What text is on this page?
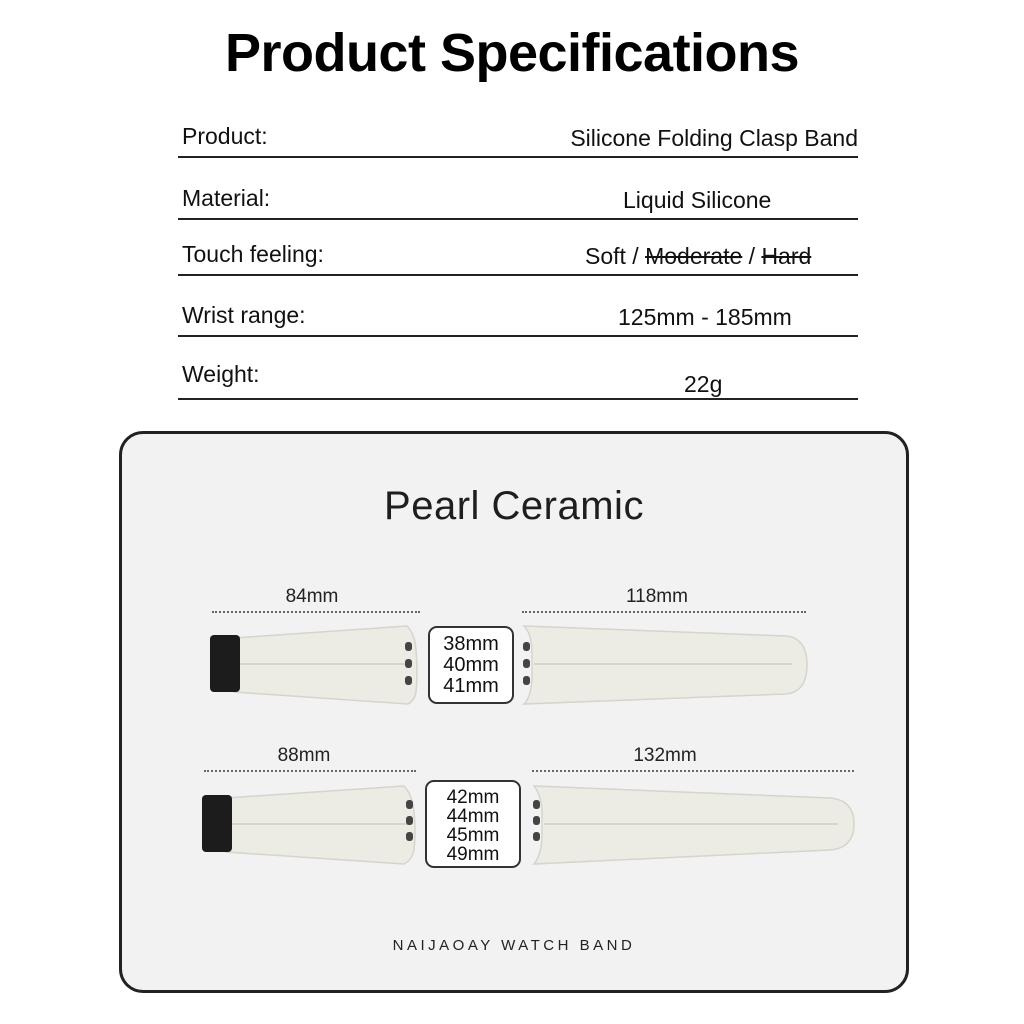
Product Specifications
Product:	Silicone Folding Clasp Band
Material:	Liquid Silicone
Touch feeling:	Soft / Moderate / Hard
Wrist range:	125mm - 185mm
Weight:	22g
Pearl Ceramic
84mm	118mm
38mm
40mm
41mm
88mm	132mm
42mm
44mm
45mm
49mm
NAIJAOAY WATCH BAND
